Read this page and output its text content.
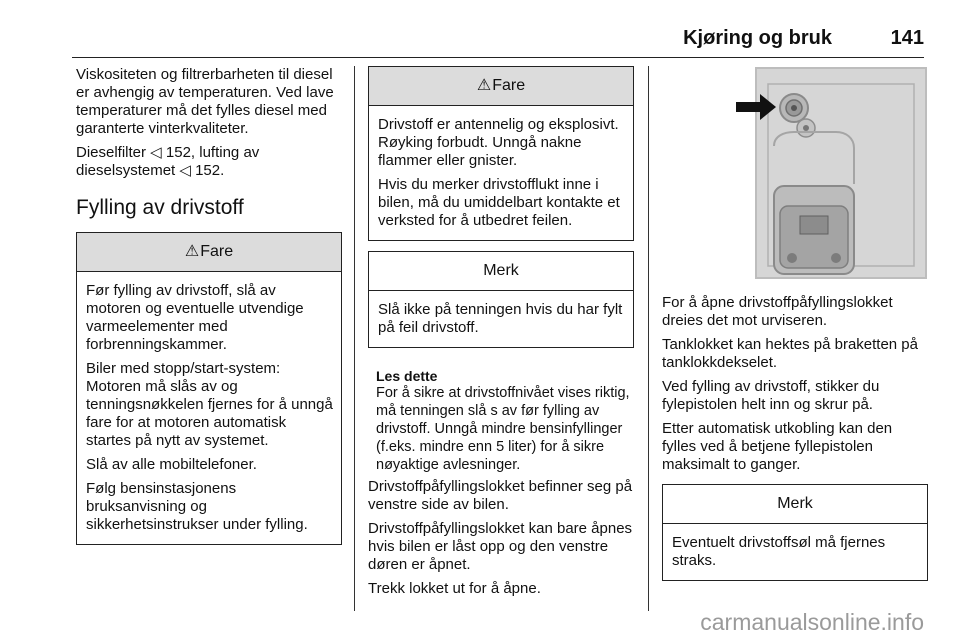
Kjøring og bruk	141

Viskositeten og filtrerbarheten til diesel er avhengig av temperaturen. Ved lave temperaturer må det fylles diesel med garanterte vinterkvaliteter.

Dieselfilter ◁ 152, lufting av dieselsystemet ◁ 152.

Fylling av drivstoff
⚠Fare

Før fylling av drivstoff, slå av motoren og eventuelle utvendige varmeelementer med forbrenningskammer.

Biler med stopp/start-system: Motoren må slås av og tenningsnøkkelen fjernes for å unngå fare for at motoren automatisk startes på nytt av systemet.

Slå av alle mobiltelefoner.

Følg bensinstasjonens bruksanvisning og sikkerhetsinstrukser under fylling.

⚠Fare

Drivstoff er antennelig og eksplosivt. Røyking forbudt. Unngå nakne flammer eller gnister.

Hvis du merker drivstofflukt inne i bilen, må du umiddelbart kontakte et verksted for å utbedret feilen.

Merk

Slå ikke på tenningen hvis du har fylt på feil drivstoff.

Les dette

For å sikre at drivstoffnivået vises riktig, må tenningen slå s av før fylling av drivstoff. Unngå mindre bensinfyllinger (f.eks. mindre enn 5 liter) for å sikre nøyaktige avlesninger.

Drivstoffpåfyllingslokket befinner seg på venstre side av bilen.

Drivstoffpåfyllingslokket kan bare åpnes hvis bilen er låst opp og den venstre døren er åpnet.

Trekk lokket ut for å åpne.

For å åpne drivstoffpåfyllingslokket dreies det mot urviseren.

Tanklokket kan hektes på braketten på tanklokkdekselet.

Ved fylling av drivstoff, stikker du fylepistolen helt inn og skrur på.

Etter automatisk utkobling kan den fylles ved å betjene fyllepistolen maksimalt to ganger.

Merk

Eventuelt drivstoffsøl må fjernes straks.

carmanualsonline.info
